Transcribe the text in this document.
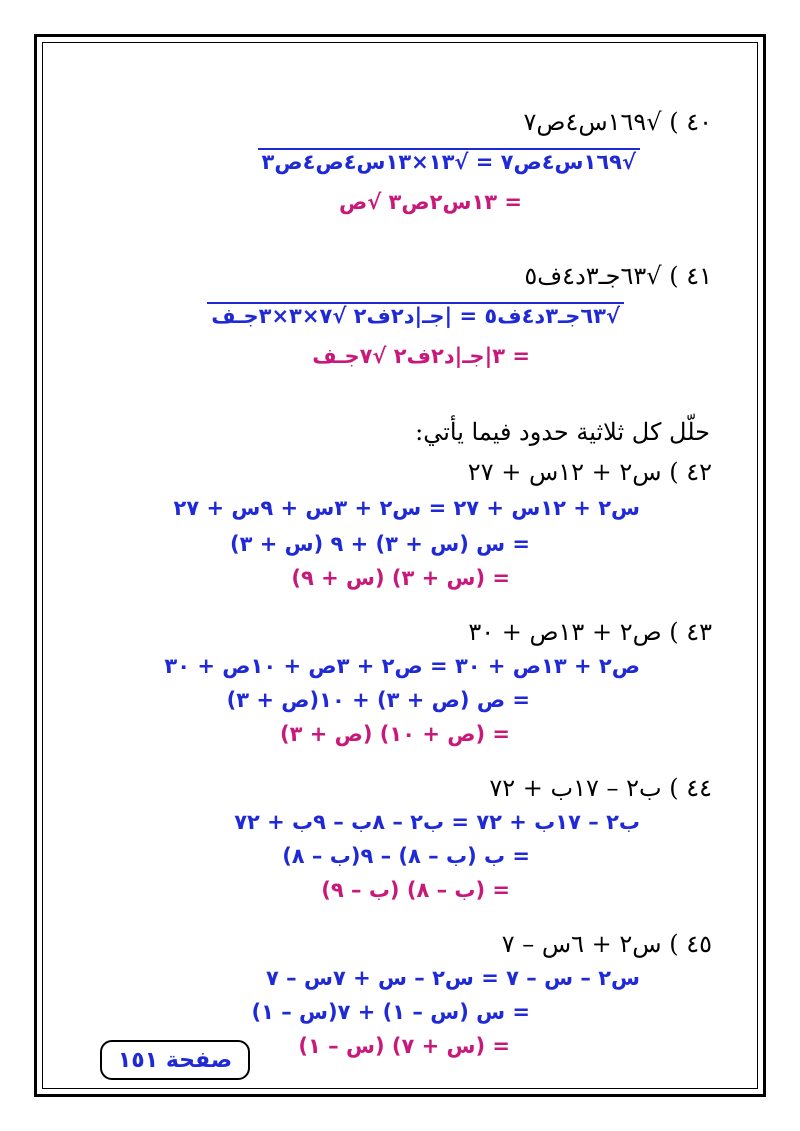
٤٠ ) √١٦٩س٤ص٧
√١٦٩س٤ص٧ = √١٣×١٣س٤ص٤ص٣
= ١٣س٢ص٣ √ص
٤١ ) √٦٣جـ٣د٤ف٥
√٦٣جـ٣د٤ف٥ = |جـ|د٢ف٢ √٧×٣×٣جـف
= ٣|جـ|د٢ف٢ √٧جـف
حلّل كل ثلاثية حدود فيما يأتي:
٤٢ ) س٢ + ١٢س + ٢٧
س٢ + ١٢س + ٢٧ = س٢ + ٣س + ٩س + ٢٧
= س (س + ٣) + ٩ (س + ٣)
= (س + ٣) (س + ٩)
٤٣ ) ص٢ + ١٣ص + ٣٠
ص٢ + ١٣ص + ٣٠ = ص٢ + ٣ص + ١٠ص + ٣٠
= ص (ص + ٣) + ١٠(ص + ٣)
= (ص + ١٠) (ص + ٣)
٤٤ ) ب٢ – ١٧ب + ٧٢
ب٢ – ١٧ب + ٧٢ = ب٢ – ٨ب – ٩ب + ٧٢
= ب (ب – ٨) – ٩(ب – ٨)
= (ب – ٨) (ب – ٩)
٤٥ ) س٢ + ٦س – ٧
صفحة ١٥١
س٢ – س – ٧ = س٢ – س + ٧س – ٧
= س (س – ١) + ٧(س – ١)
= (س + ٧) (س – ١)
